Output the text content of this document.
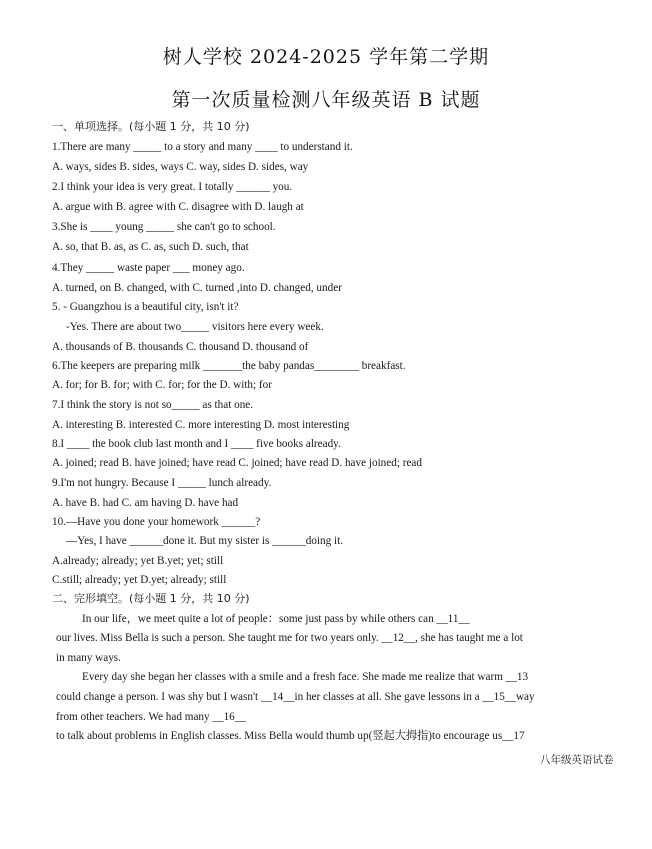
树人学校 2024-2025 学年第二学期
第一次质量检测八年级英语 B 试题
一、单项选择。(每小题 1 分，共 10 分)
1.There are many _____ to a story and many ____ to understand it.
A. ways, sides B. sides, ways C. way, sides D. sides, way
2.I think your idea is very great. I totally ______ you.
A. argue with B. agree with C. disagree with D. laugh at
3.She is ____ young _____ she can't go to school.
A. so, that B. as, as C. as, such D. such, that
4.They _____ waste paper ___ money ago.
A. turned, on B. changed, with C. turned ,into D. changed, under
5. - Guangzhou is a beautiful city, isn't it?
-Yes. There are about two_____ visitors here every week.
A. thousands of B. thousands C. thousand D. thousand of
6.The keepers are preparing milk _______the baby pandas________ breakfast.
A. for; for B. for; with C. for; for the D. with; for
7.I think the story is not so_____ as that one.
A. interesting B. interested C. more interesting D. most interesting
8.I ____ the book club last month and I ____ five books already.
A. joined; read B. have joined; have read C. joined; have read D. have joined; read
9.I'm not hungry. Because I _____ lunch already.
A. have B. had C. am having D. have had
10.—Have you done your homework ______?
—Yes, I have ______done it. But my sister is ______doing it.
A.already; already; yet B.yet; yet; still
C.still; already; yet D.yet; already; still
二、完形填空。(每小题 1 分，共 10 分)
In our life，we meet quite a lot of people：some just pass by while others can __11__
our lives. Miss Bella is such a person. She taught me for two years only. __12__, she has taught me a lot
in many ways.
Every day she began her classes with a smile and a fresh face. She made me realize that warm __13
could change a person. I was shy but I wasn't __14__in her classes at all. She gave lessons in a __15__way
from other teachers. We had many __16__
to talk about problems in English classes. Miss Bella would thumb up(竖起大拇指)to encourage us__17
八年级英语试卷
